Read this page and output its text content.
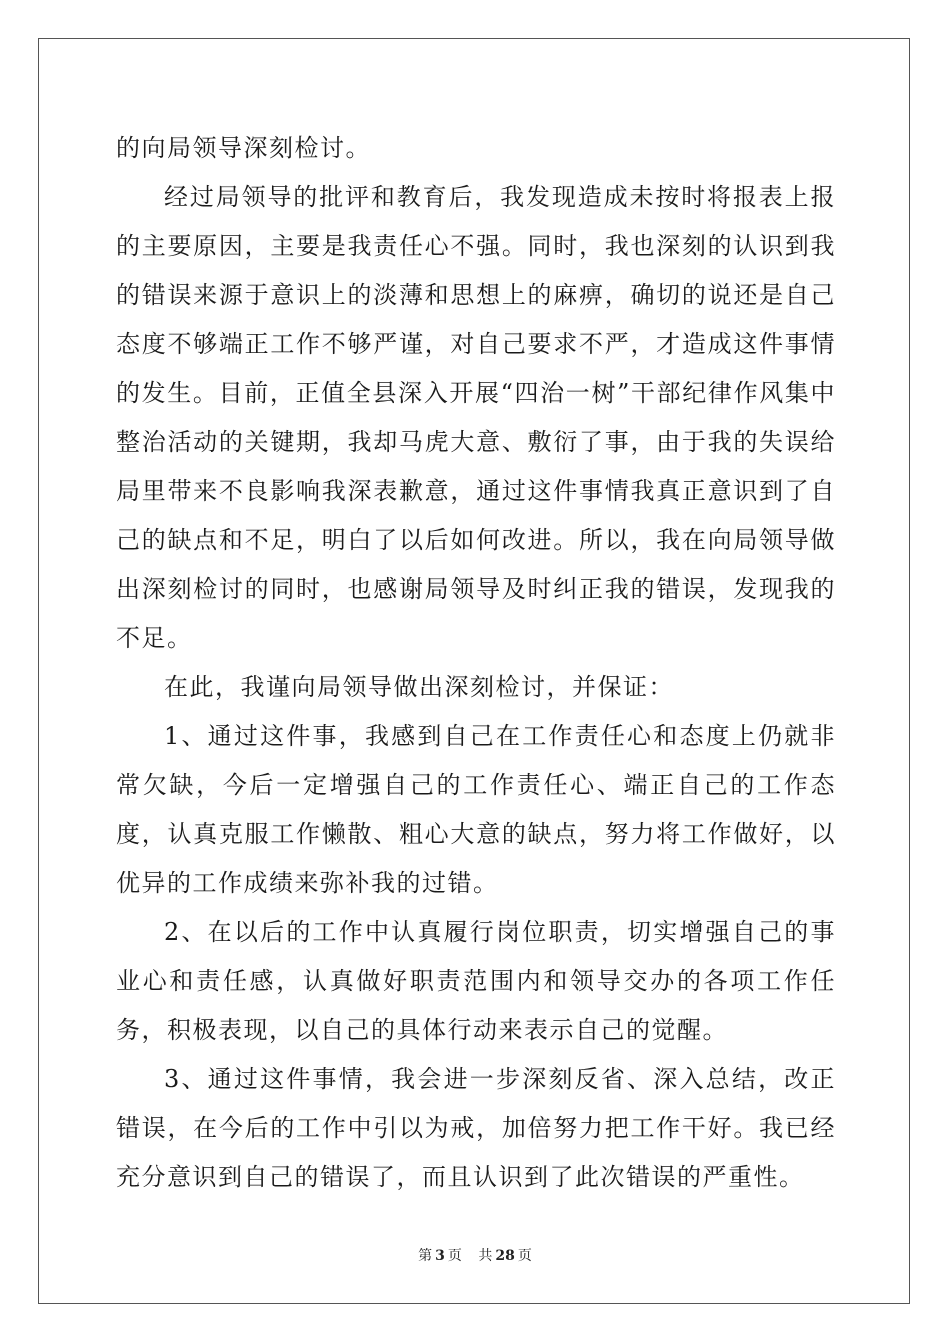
的向局领导深刻检讨。

经过局领导的批评和教育后，我发现造成未按时将报表上报的主要原因，主要是我责任心不强。同时，我也深刻的认识到我的错误来源于意识上的淡薄和思想上的麻痹，确切的说还是自己态度不够端正工作不够严谨，对自己要求不严，才造成这件事情的发生。目前，正值全县深入开展“四治一树”干部纪律作风集中整治活动的关键期，我却马虎大意、敷衍了事，由于我的失误给局里带来不良影响我深表歉意，通过这件事情我真正意识到了自己的缺点和不足，明白了以后如何改进。所以，我在向局领导做出深刻检讨的同时，也感谢局领导及时纠正我的错误，发现我的不足。

在此，我谨向局领导做出深刻检讨，并保证：

1、通过这件事，我感到自己在工作责任心和态度上仍就非常欠缺，今后一定增强自己的工作责任心、端正自己的工作态度，认真克服工作懒散、粗心大意的缺点，努力将工作做好，以优异的工作成绩来弥补我的过错。

2、在以后的工作中认真履行岗位职责，切实增强自己的事业心和责任感，认真做好职责范围内和领导交办的各项工作任务，积极表现，以自己的具体行动来表示自己的觉醒。

3、通过这件事情，我会进一步深刻反省、深入总结，改正错误，在今后的工作中引以为戒，加倍努力把工作干好。我已经充分意识到自己的错误了，而且认识到了此次错误的严重性。

第 3 页 共 28 页
